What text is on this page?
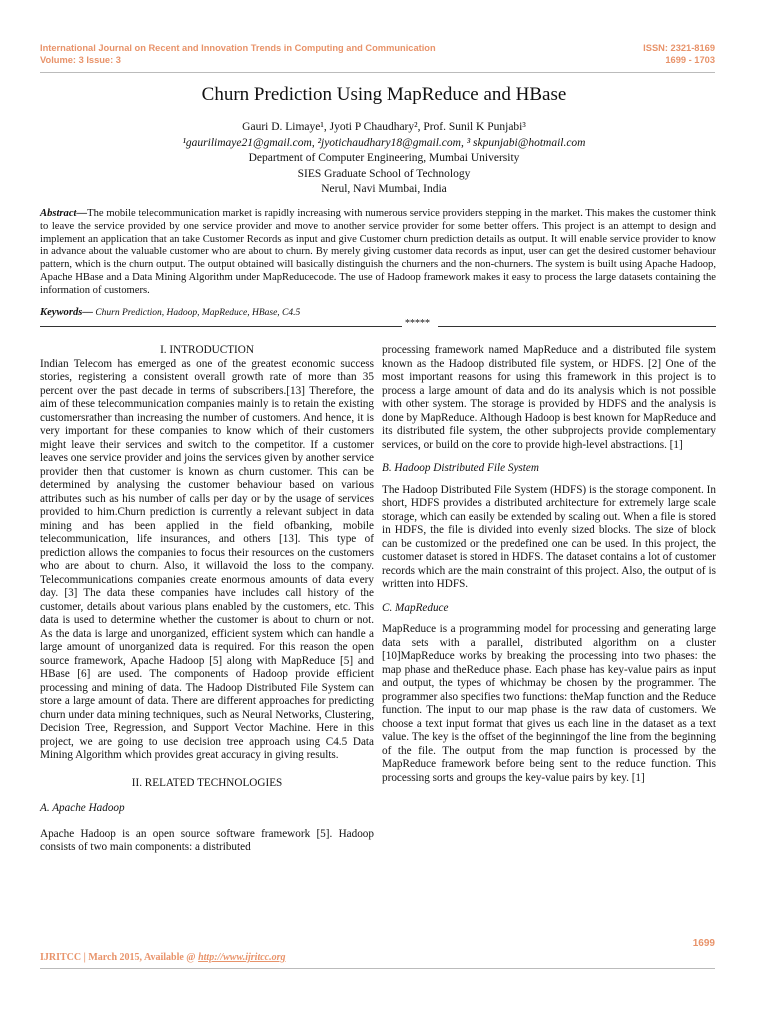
International Journal on Recent and Innovation Trends in Computing and Communication
Volume: 3 Issue: 3
ISSN: 2321-8169
1699 - 1703
Churn Prediction Using MapReduce and HBase
Gauri D. Limaye¹, Jyoti P Chaudhary², Prof. Sunil K Punjabi³
¹gaurilimaye21@gmail.com, ²jyotichaudhary18@gmail.com, ³ skpunjabi@hotmail.com
Department of Computer Engineering, Mumbai University
SIES Graduate School of Technology
Nerul, Navi Mumbai, India
Abstract—The mobile telecommunication market is rapidly increasing with numerous service providers stepping in the market. This makes the customer think to leave the service provided by one service provider and move to another service provider for some better offers. This project is an attempt to design and implement an application that an take Customer Records as input and give Customer churn prediction details as output. It will enable service provider to know in advance about the valuable customer who are about to churn. By merely giving customer data records as input, user can get the desired customer behaviour pattern, which is the churn output. The output obtained will basically distinguish the churners and the non-churners. The system is built using Apache Hadoop, Apache HBase and a Data Mining Algorithm under MapReducecode. The use of Hadoop framework makes it easy to process the large datasets containing the information of customers.
Keywords— Churn Prediction, Hadoop, MapReduce, HBase, C4.5
*****

I. INTRODUCTION

Indian Telecom has emerged as one of the greatest economic success stories, registering a consistent overall growth rate of more than 35 percent over the past decade in terms of subscribers.[13] Therefore, the aim of these telecommunication companies mainly is to retain the existing customersrather than increasing the number of customers. And hence, it is very important for these companies to know which of their customers might leave their services and switch to the competitor. If a customer leaves one service provider and joins the services given by another service provider then that customer is known as churn customer. This can be determined by analysing the customer behaviour based on various attributes such as his number of calls per day or by the usage of services provided to him.Churn prediction is currently a relevant subject in data mining and has been applied in the field ofbanking, mobile telecommunication, life insurances, and others [13]. This type of prediction allows the companies to focus their resources on the customers who are about to churn. Also, it willavoid the loss to the company. Telecommunications companies create enormous amounts of data every day. [3] The data these companies have includes call history of the customer, details about various plans enabled by the customers, etc. This data is used to determine whether the customer is about to churn or not. As the data is large and unorganized, efficient system which can handle a large amount of unorganized data is required. For this reason the open source framework, Apache Hadoop [5] along with MapReduce [5] and HBase [6] are used. The components of Hadoop provide efficient processing and mining of data. The Hadoop Distributed File System can store a large amount of data. There are different approaches for predicting churn under data mining techniques, such as Neural Networks, Clustering, Decision Tree, Regression, and Support Vector Machine. Here in this project, we are going to use decision tree approach using C4.5 Data Mining Algorithm which provides great accuracy in giving results.

II. RELATED TECHNOLOGIES

A. Apache Hadoop

Apache Hadoop is an open source software framework [5]. Hadoop consists of two main components: a distributed

processing framework named MapReduce and a distributed file system known as the Hadoop distributed file system, or HDFS. [2] One of the most important reasons for using this framework in this project is to process a large amount of data and do its analysis which is not possible with other system. The storage is provided by HDFS and the analysis is done by MapReduce. Although Hadoop is best known for MapReduce and its distributed file system, the other subprojects provide complementary services, or build on the core to provide high-level abstractions. [1]

B. Hadoop Distributed File System

The Hadoop Distributed File System (HDFS) is the storage component. In short, HDFS provides a distributed architecture for extremely large scale storage, which can easily be extended by scaling out. When a file is stored in HDFS, the file is divided into evenly sized blocks. The size of block can be customized or the predefined one can be used. In this project, the customer dataset is stored in HDFS. The dataset contains a lot of customer records which are the main constraint of this project. Also, the output of is written into HDFS.

C. MapReduce

MapReduce is a programming model for processing and generating large data sets with a parallel, distributed algorithm on a cluster [10]MapReduce works by breaking the processing into two phases: the map phase and theReduce phase. Each phase has key-value pairs as input and output, the types of whichmay be chosen by the programmer. The programmer also specifies two functions: theMap function and the Reduce function. The input to our map phase is the raw data of customers. We choose a text input format that gives us each line in the dataset as a text value. The key is the offset of the beginningof the line from the beginning of the file. The output from the map function is processed by the MapReduce framework before being sent to the reduce function. This processing sorts and groups the key-value pairs by key. [1]

1699
IJRITCC | March 2015, Available @ http://www.ijritcc.org
